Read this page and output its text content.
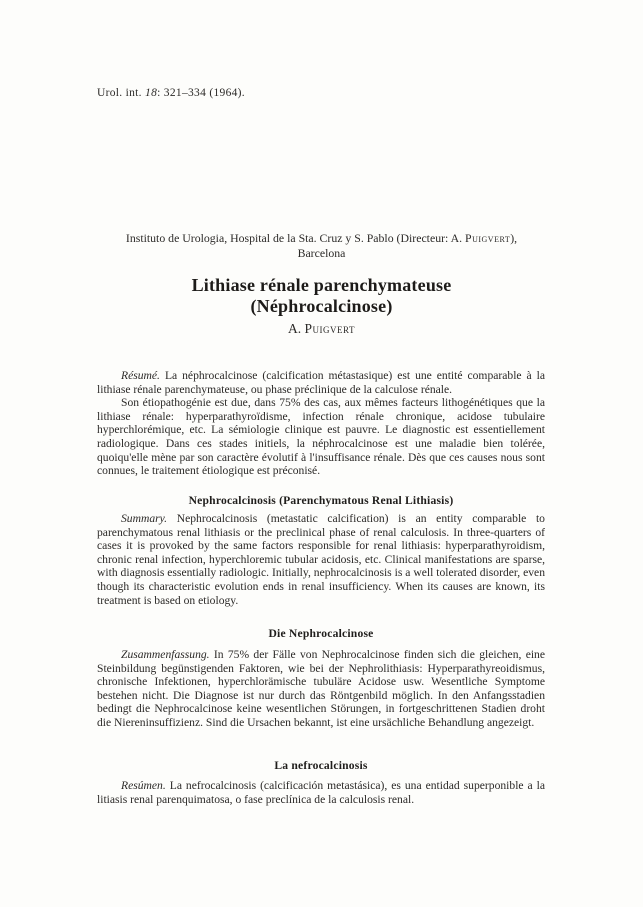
Urol. int. 18: 321–334 (1964).
Instituto de Urologia, Hospital de la Sta. Cruz y S. Pablo (Directeur: A. Puigvert),
Barcelona
Lithiase rénale parenchymateuse
(Néphrocalcinose)
A. Puigvert

Résumé. La néphrocalcinose (calcification métastasique) est une entité comparable à la lithiase rénale parenchymateuse, ou phase préclinique de la calculose rénale.

Son étiopathogénie est due, dans 75% des cas, aux mêmes facteurs lithogénétiques que la lithiase rénale: hyperparathyroïdisme, infection rénale chronique, acidose tubulaire hyperchlorémique, etc. La sémiologie clinique est pauvre. Le diagnostic est essentiellement radiologique. Dans ces stades initiels, la néphrocalcinose est une maladie bien tolérée, quoiqu'elle mène par son caractère évolutif à l'insuffisance rénale. Dès que ces causes nous sont connues, le traitement étiologique est préconisé.

Nephrocalcinosis (Parenchymatous Renal Lithiasis)

Summary. Nephrocalcinosis (metastatic calcification) is an entity comparable to parenchymatous renal lithiasis or the preclinical phase of renal calculosis. In three-quarters of cases it is provoked by the same factors responsible for renal lithiasis: hyperparathyroidism, chronic renal infection, hyperchloremic tubular acidosis, etc. Clinical manifestations are sparse, with diagnosis essentially radiologic. Initially, nephrocalcinosis is a well tolerated disorder, even though its characteristic evolution ends in renal insufficiency. When its causes are known, its treatment is based on etiology.

Die Nephrocalcinose

Zusammenfassung. In 75% der Fälle von Nephrocalcinose finden sich die gleichen, eine Steinbildung begünstigenden Faktoren, wie bei der Nephrolithiasis: Hyperparathyreoidismus, chronische Infektionen, hyperchlorämische tubuläre Acidose usw. Wesentliche Symptome bestehen nicht. Die Diagnose ist nur durch das Röntgenbild möglich. In den Anfangsstadien bedingt die Nephrocalcinose keine wesentlichen Störungen, in fortgeschrittenen Stadien droht die Niereninsuffizienz. Sind die Ursachen bekannt, ist eine ursächliche Behandlung angezeigt.

La nefrocalcinosis

Resúmen. La nefrocalcinosis (calcificación metastásica), es una entidad superponible a la litiasis renal parenquimatosa, o fase preclínica de la calculosis renal.
